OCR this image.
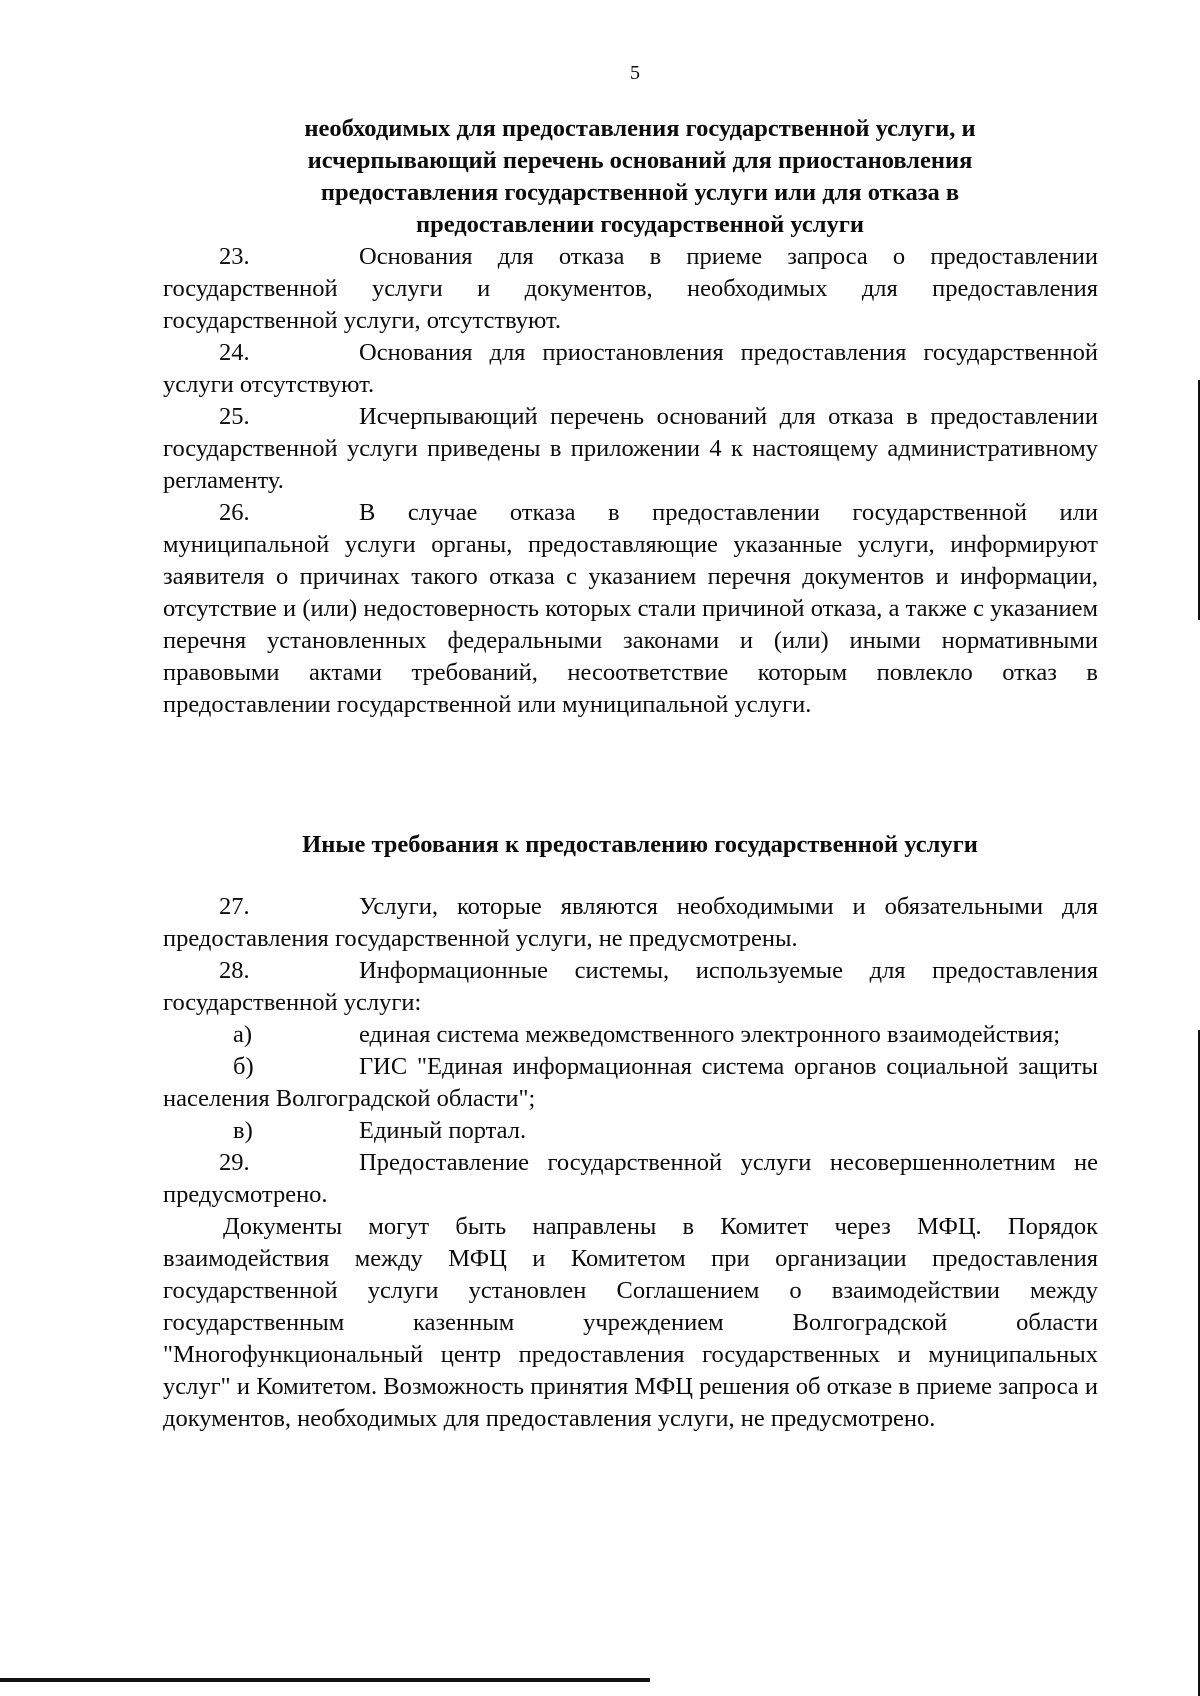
5
необходимых для предоставления государственной услуги, и
исчерпывающий перечень оснований для приостановления
предоставления государственной услуги или для отказа в
предоставлении государственной услуги

23.	Основания для отказа в приеме запроса о предоставлении государственной услуги и документов, необходимых для предоставления государственной услуги, отсутствуют.

24.	Основания для приостановления предоставления государственной услуги отсутствуют.

25.	Исчерпывающий перечень оснований для отказа в предоставлении государственной услуги приведены в приложении 4 к настоящему административному регламенту.

26.	В случае отказа в предоставлении государственной или муниципальной услуги органы, предоставляющие указанные услуги, информируют заявителя о причинах такого отказа с указанием перечня документов и информации, отсутствие и (или) недостоверность которых стали причиной отказа, а также с указанием перечня установленных федеральными законами и (или) иными нормативными правовыми актами требований, несоответствие которым повлекло отказ в предоставлении государственной или муниципальной услуги.

Иные требования к предоставлению государственной услуги

27.	Услуги, которые являются необходимыми и обязательными для предоставления государственной услуги, не предусмотрены.

28.	Информационные системы, используемые для предоставления государственной услуги:

а)	единая система межведомственного электронного взаимодействия;

б)	ГИС "Единая информационная система органов социальной защиты населения Волгоградской области";

в)	Единый портал.

29.	Предоставление государственной услуги несовершеннолетним не предусмотрено.

Документы могут быть направлены в Комитет через МФЦ. Порядок взаимодействия между МФЦ и Комитетом при организации предоставления государственной услуги установлен Соглашением о взаимодействии между государственным казенным учреждением Волгоградской области "Многофункциональный центр предоставления государственных и муниципальных услуг" и Комитетом. Возможность принятия МФЦ решения об отказе в приеме запроса и документов, необходимых для предоставления услуги, не предусмотрено.
